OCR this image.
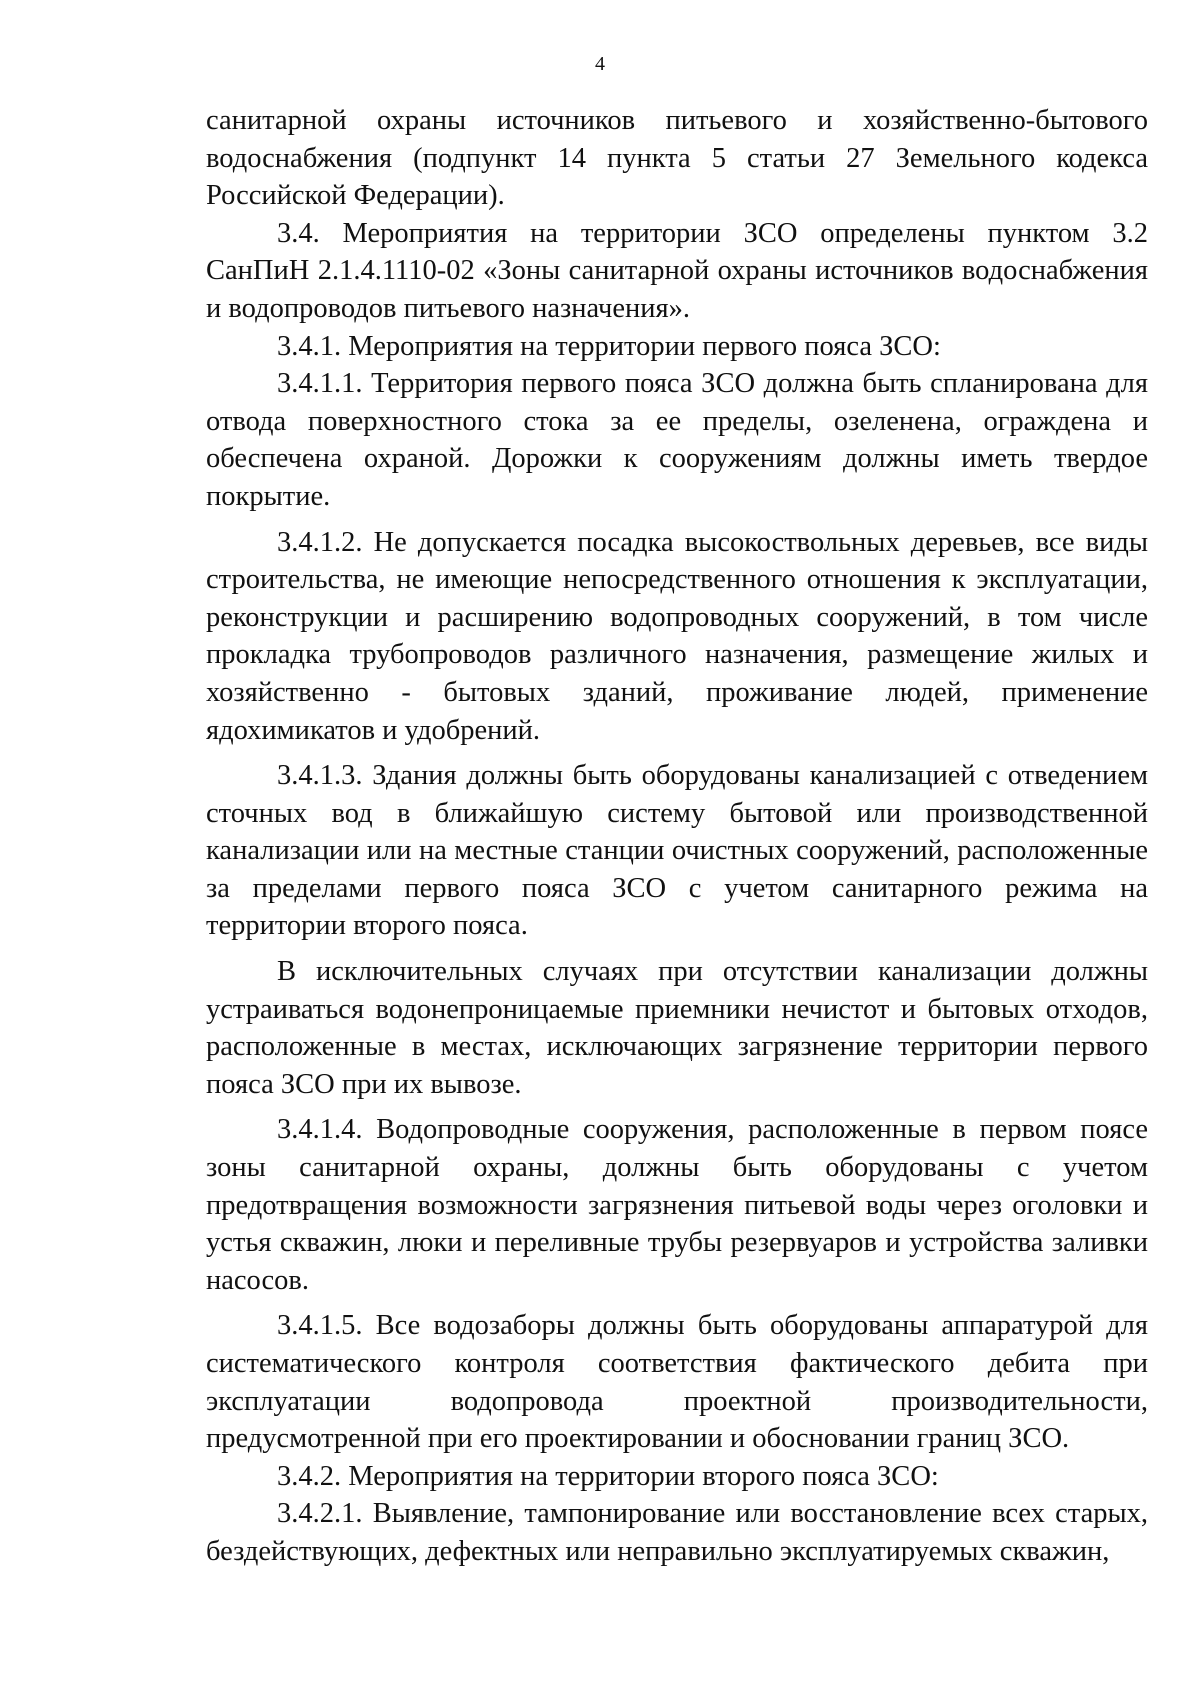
4

санитарной охраны источников питьевого и хозяйственно-бытового водоснабжения (подпункт 14 пункта 5 статьи 27 Земельного кодекса Российской Федерации).

3.4. Мероприятия на территории ЗСО определены пунктом 3.2 СанПиН 2.1.4.1110-02 «Зоны санитарной охраны источников водоснабжения и водопроводов питьевого назначения».

3.4.1. Мероприятия на территории первого пояса ЗСО:

3.4.1.1. Территория первого пояса ЗСО должна быть спланирована для отвода поверхностного стока за ее пределы, озеленена, ограждена и обеспечена охраной. Дорожки к сооружениям должны иметь твердое покрытие.

3.4.1.2. Не допускается посадка высокоствольных деревьев, все виды строительства, не имеющие непосредственного отношения к эксплуатации, реконструкции и расширению водопроводных сооружений, в том числе прокладка трубопроводов различного назначения, размещение жилых и хозяйственно - бытовых зданий, проживание людей, применение ядохимикатов и удобрений.

3.4.1.3. Здания должны быть оборудованы канализацией с отведением сточных вод в ближайшую систему бытовой или производственной канализации или на местные станции очистных сооружений, расположенные за пределами первого пояса ЗСО с учетом санитарного режима на территории второго пояса.

В исключительных случаях при отсутствии канализации должны устраиваться водонепроницаемые приемники нечистот и бытовых отходов, расположенные в местах, исключающих загрязнение территории первого пояса ЗСО при их вывозе.

3.4.1.4. Водопроводные сооружения, расположенные в первом поясе зоны санитарной охраны, должны быть оборудованы с учетом предотвращения возможности загрязнения питьевой воды через оголовки и устья скважин, люки и переливные трубы резервуаров и устройства заливки насосов.

3.4.1.5. Все водозаборы должны быть оборудованы аппаратурой для систематического контроля соответствия фактического дебита при эксплуатации водопровода проектной производительности, предусмотренной при его проектировании и обосновании границ ЗСО.

3.4.2. Мероприятия на территории второго пояса ЗСО:

3.4.2.1. Выявление, тампонирование или восстановление всех старых, бездействующих, дефектных или неправильно эксплуатируемых скважин,
